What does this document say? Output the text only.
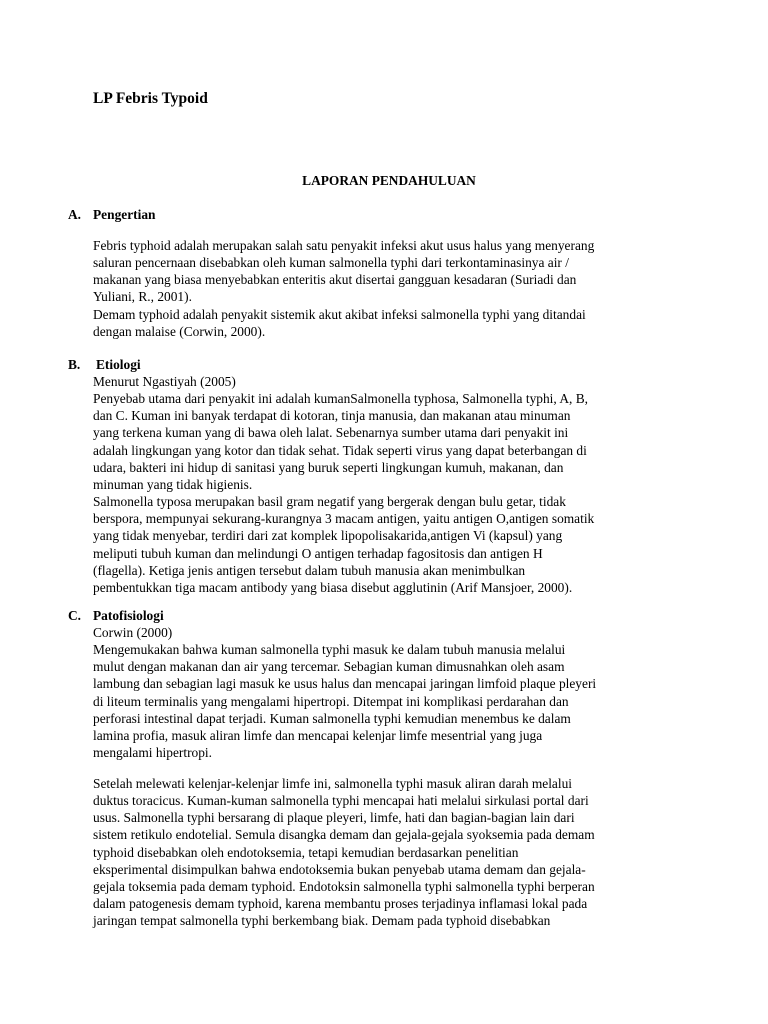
LP Febris Typoid
LAPORAN PENDAHULUAN
A. Pengertian
Febris typhoid adalah merupakan salah satu penyakit infeksi akut usus halus yang menyerang
saluran pencernaan disebabkan oleh kuman salmonella typhi dari terkontaminasinya air /
makanan yang biasa menyebabkan enteritis akut disertai gangguan kesadaran (Suriadi dan
Yuliani, R., 2001).
Demam typhoid adalah penyakit sistemik akut akibat infeksi salmonella typhi yang ditandai
dengan malaise (Corwin, 2000).
B. Etiologi
Menurut Ngastiyah (2005)
Penyebab utama dari penyakit ini adalah kumanSalmonella typhosa, Salmonella typhi, A, B,
dan C. Kuman ini banyak terdapat di kotoran, tinja manusia, dan makanan atau minuman
yang terkena kuman yang di bawa oleh lalat. Sebenarnya sumber utama dari penyakit ini
adalah lingkungan yang kotor dan tidak sehat. Tidak seperti virus yang dapat beterbangan di
udara, bakteri ini hidup di sanitasi yang buruk seperti lingkungan kumuh, makanan, dan
minuman yang tidak higienis.
Salmonella typosa merupakan basil gram negatif yang bergerak dengan bulu getar, tidak
berspora, mempunyai sekurang-kurangnya 3 macam antigen, yaitu antigen O,antigen somatik
yang tidak menyebar, terdiri dari zat komplek lipopolisakarida,antigen Vi (kapsul) yang
meliputi tubuh kuman dan melindungi O antigen terhadap fagositosis dan antigen H
(flagella). Ketiga jenis antigen tersebut dalam tubuh manusia akan menimbulkan
pembentukkan tiga macam antibody yang biasa disebut agglutinin (Arif Mansjoer, 2000).
C. Patofisiologi
Corwin (2000)
Mengemukakan bahwa kuman salmonella typhi masuk ke dalam tubuh manusia melalui
mulut dengan makanan dan air yang tercemar. Sebagian kuman dimusnahkan oleh asam
lambung dan sebagian lagi masuk ke usus halus dan mencapai jaringan limfoid plaque pleyeri
di liteum terminalis yang mengalami hipertropi. Ditempat ini komplikasi perdarahan dan
perforasi intestinal dapat terjadi. Kuman salmonella typhi kemudian menembus ke dalam
lamina profia, masuk aliran limfe dan mencapai kelenjar limfe mesentrial yang juga
mengalami hipertropi.
Setelah melewati kelenjar-kelenjar limfe ini, salmonella typhi masuk aliran darah melalui
duktus toracicus. Kuman-kuman salmonella typhi mencapai hati melalui sirkulasi portal dari
usus. Salmonella typhi bersarang di plaque pleyeri, limfe, hati dan bagian-bagian lain dari
sistem retikulo endotelial. Semula disangka demam dan gejala-gejala syoksemia pada demam
typhoid disebabkan oleh endotoksemia, tetapi kemudian berdasarkan penelitian
eksperimental disimpulkan bahwa endotoksemia bukan penyebab utama demam dan gejala-
gejala toksemia pada demam typhoid. Endotoksin salmonella typhi salmonella typhi berperan
dalam patogenesis demam typhoid, karena membantu proses terjadinya inflamasi lokal pada
jaringan tempat salmonella typhi berkembang biak. Demam pada typhoid disebabkan
